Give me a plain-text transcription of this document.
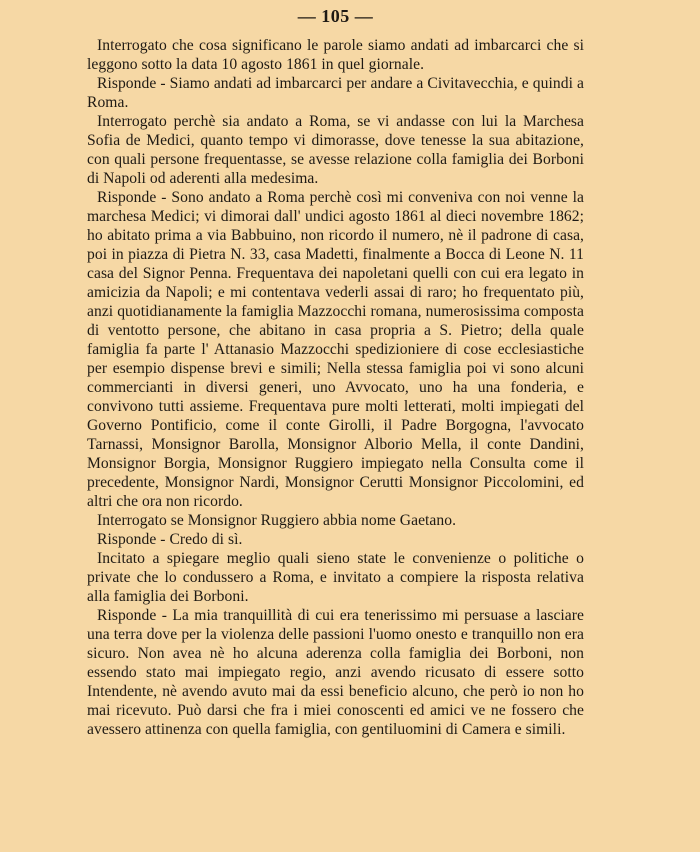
— 105 —

Interrogato che cosa significano le parole siamo andati ad imbarcarci che si leggono sotto la data 10 agosto 1861 in quel giornale.

Risponde - Siamo andati ad imbarcarci per andare a Civitavecchia, e quindi a Roma.

Interrogato perchè sia andato a Roma, se vi andasse con lui la Marchesa Sofia de Medici, quanto tempo vi dimorasse, dove tenesse la sua abitazione, con quali persone frequentasse, se avesse relazione colla famiglia dei Borboni di Napoli od aderenti alla medesima.

Risponde - Sono andato a Roma perchè così mi conveniva con noi venne la marchesa Medici; vi dimorai dall' undici agosto 1861 al dieci novembre 1862; ho abitato prima a via Babbuino, non ricordo il numero, nè il padrone di casa, poi in piazza di Pietra N. 33, casa Madetti, finalmente a Bocca di Leone N. 11 casa del Signor Penna. Frequentava dei napoletani quelli con cui era legato in amicizia da Napoli; e mi contentava vederli assai di raro; ho frequentato più, anzi quotidianamente la famiglia Mazzocchi romana, numerosissima composta di ventotto persone, che abitano in casa propria a S. Pietro; della quale famiglia fa parte l' Attanasio Mazzocchi spedizioniere di cose ecclesiastiche per esempio dispense brevi e simili; Nella stessa famiglia poi vi sono alcuni commercianti in diversi generi, uno Avvocato, uno ha una fonderia, e convivono tutti assieme. Frequentava pure molti letterati, molti impiegati del Governo Pontificio, come il conte Girolli, il Padre Borgogna, l'avvocato Tarnassi, Monsignor Barolla, Monsignor Alborio Mella, il conte Dandini, Monsignor Borgia, Monsignor Ruggiero impiegato nella Consulta come il precedente, Monsignor Nardi, Monsignor Cerutti Monsignor Piccolomini, ed altri che ora non ricordo.

Interrogato se Monsignor Ruggiero abbia nome Gaetano.

Risponde - Credo di sì.

Incitato a spiegare meglio quali sieno state le convenienze o politiche o private che lo condussero a Roma, e invitato a compiere la risposta relativa alla famiglia dei Borboni.

Risponde - La mia tranquillità di cui era tenerissimo mi persuase a lasciare una terra dove per la violenza delle passioni l'uomo onesto e tranquillo non era sicuro. Non avea nè ho alcuna aderenza colla famiglia dei Borboni, non essendo stato mai impiegato regio, anzi avendo ricusato di essere sotto Intendente, nè avendo avuto mai da essi beneficio alcuno, che però io non ho mai ricevuto. Può darsi che fra i miei conoscenti ed amici ve ne fossero che avessero attinenza con quella famiglia, con gentiluomini di Camera e simili.
